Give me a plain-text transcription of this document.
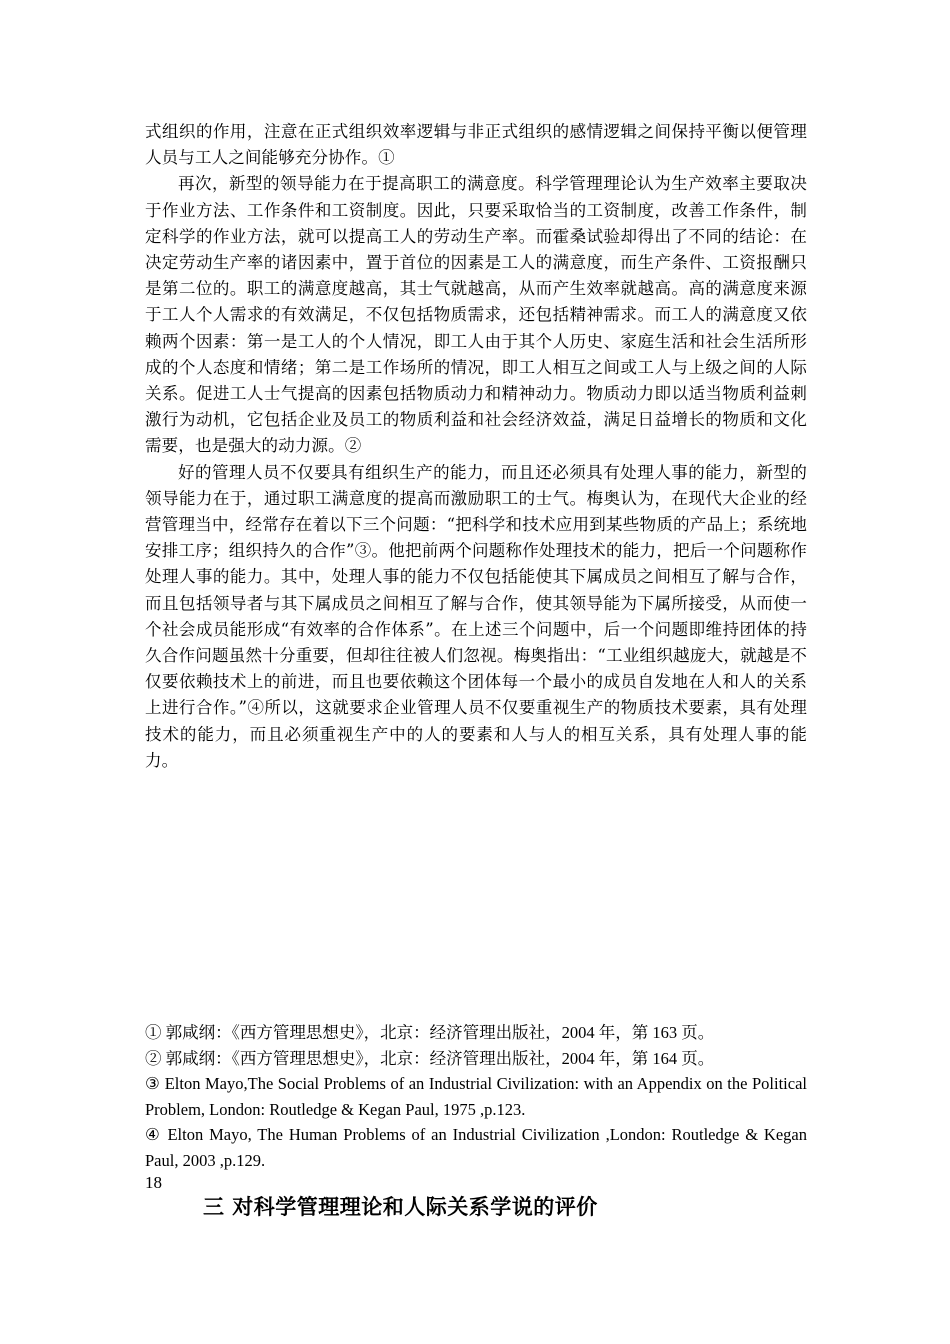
式组织的作用，注意在正式组织效率逻辑与非正式组织的感情逻辑之间保持平衡以便管理人员与工人之间能够充分协作。①

再次，新型的领导能力在于提高职工的满意度。科学管理理论认为生产效率主要取决于作业方法、工作条件和工资制度。因此，只要采取恰当的工资制度，改善工作条件，制定科学的作业方法，就可以提高工人的劳动生产率。而霍桑试验却得出了不同的结论：在决定劳动生产率的诸因素中，置于首位的因素是工人的满意度，而生产条件、工资报酬只是第二位的。职工的满意度越高，其士气就越高，从而产生效率就越高。高的满意度来源于工人个人需求的有效满足，不仅包括物质需求，还包括精神需求。而工人的满意度又依赖两个因素：第一是工人的个人情况，即工人由于其个人历史、家庭生活和社会生活所形成的个人态度和情绪；第二是工作场所的情况，即工人相互之间或工人与上级之间的人际关系。促进工人士气提高的因素包括物质动力和精神动力。物质动力即以适当物质利益刺激行为动机，它包括企业及员工的物质利益和社会经济效益，满足日益增长的物质和文化需要，也是强大的动力源。②

好的管理人员不仅要具有组织生产的能力，而且还必须具有处理人事的能力，新型的领导能力在于，通过职工满意度的提高而激励职工的士气。梅奥认为，在现代大企业的经营管理当中，经常存在着以下三个问题：“把科学和技术应用到某些物质的产品上；系统地安排工序；组织持久的合作”③。他把前两个问题称作处理技术的能力，把后一个问题称作处理人事的能力。其中，处理人事的能力不仅包括能使其下属成员之间相互了解与合作，而且包括领导者与其下属成员之间相互了解与合作，使其领导能为下属所接受，从而使一个社会成员能形成“有效率的合作体系”。在上述三个问题中，后一个问题即维持团体的持久合作问题虽然十分重要，但却往往被人们忽视。梅奥指出：“工业组织越庞大，就越是不仅要依赖技术上的前进，而且也要依赖这个团体每一个最小的成员自发地在人和人的关系上进行合作。”④所以，这就要求企业管理人员不仅要重视生产的物质技术要素，具有处理技术的能力，而且必须重视生产中的人的要素和人与人的相互关系，具有处理人事的能力。

① 郭咸纲：《西方管理思想史》，北京：经济管理出版社，2004 年，第 163 页。

② 郭咸纲：《西方管理思想史》，北京：经济管理出版社，2004 年，第 164 页。

③ Elton Mayo,The Social Problems of an Industrial Civilization: with an Appendix on the Political Problem, London: Routledge & Kegan Paul, 1975 ,p.123.

④ Elton Mayo, The Human Problems of an Industrial Civilization ,London: Routledge & Kegan Paul, 2003 ,p.129.

18
三 对科学管理理论和人际关系学说的评价
